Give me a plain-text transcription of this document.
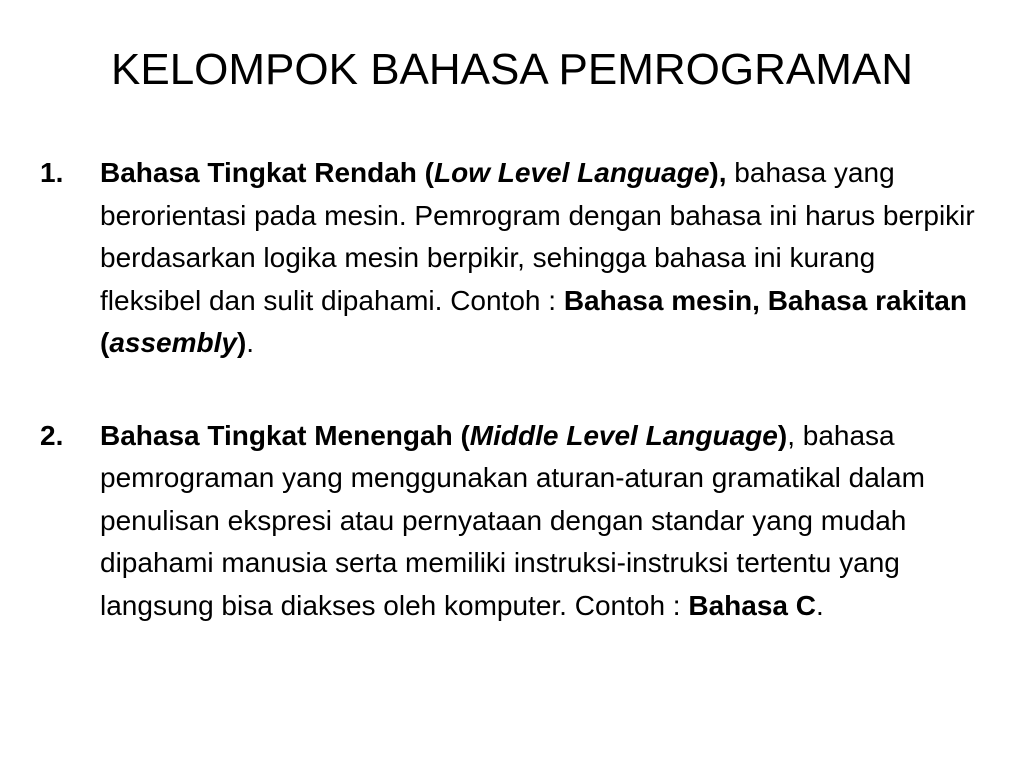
KELOMPOK BAHASA PEMROGRAMAN
1. Bahasa Tingkat Rendah (Low Level Language), bahasa yang berorientasi pada mesin. Pemrogram dengan bahasa ini harus berpikir berdasarkan logika mesin berpikir, sehingga bahasa ini kurang fleksibel dan sulit dipahami. Contoh : Bahasa mesin, Bahasa rakitan (assembly).
2. Bahasa Tingkat Menengah (Middle Level Language), bahasa pemrograman yang menggunakan aturan-aturan gramatikal dalam penulisan ekspresi atau pernyataan dengan standar yang mudah dipahami manusia serta memiliki instruksi-instruksi tertentu yang langsung bisa diakses oleh komputer. Contoh : Bahasa C.
